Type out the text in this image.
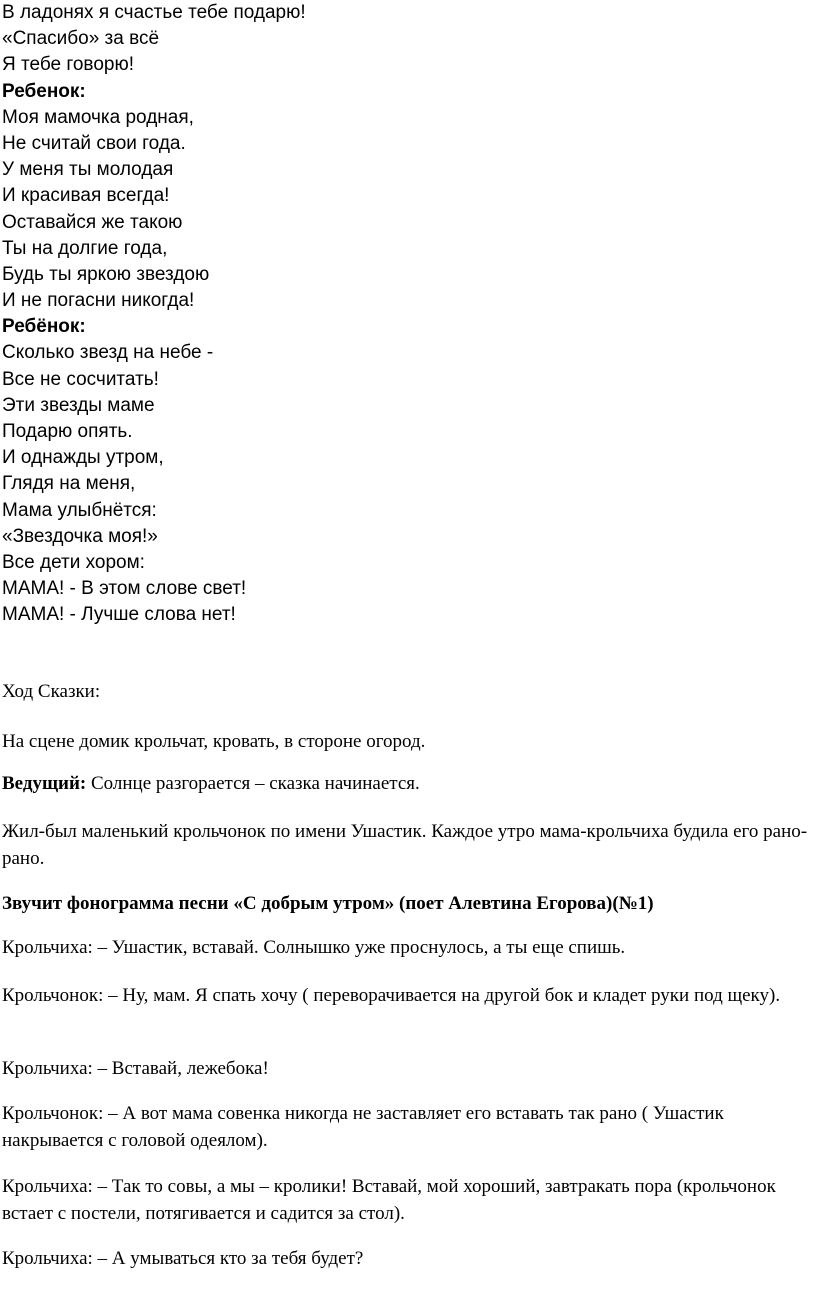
В ладонях я счастье тебе подарю!
«Спасибо» за всё
Я тебе говорю!
Ребенок:
Моя мамочка родная,
Не считай свои года.
У меня ты молодая
И красивая всегда!
Оставайся же такою
Ты на долгие года,
Будь ты яркою звездою
И не погасни никогда!
Ребёнок:
Сколько звезд на небе -
Все не сосчитать!
Эти звезды маме
Подарю опять.
И однажды утром,
Глядя на меня,
Мама улыбнётся:
«Звездочка моя!»
Все дети хором:
МАМА! - В этом слове свет!
МАМА! - Лучше слова нет!

Ход Сказки:

На сцене домик крольчат, кровать, в стороне огород.

Ведущий: Солнце разгорается – сказка начинается.

Жил-был маленький крольчонок по имени Ушастик. Каждое утро мама-крольчиха будила его рано-рано.

Звучит фонограмма песни «С добрым утром» (поет Алевтина Егорова)(№1)

Крольчиха: – Ушастик, вставай. Солнышко уже проснулось, а ты еще спишь.

Крольчонок: – Ну, мам. Я спать хочу ( переворачивается на другой бок и кладет руки под щеку).

Крольчиха: – Вставай, лежебока!

Крольчонок: – А вот мама совенка никогда не заставляет его вставать так рано ( Ушастик накрывается с головой одеялом).

Крольчиха: – Так то совы, а мы – кролики! Вставай, мой хороший, завтракать пора (крольчонок встает с постели, потягивается и садится за стол).

Крольчиха: – А умываться кто за тебя будет?
